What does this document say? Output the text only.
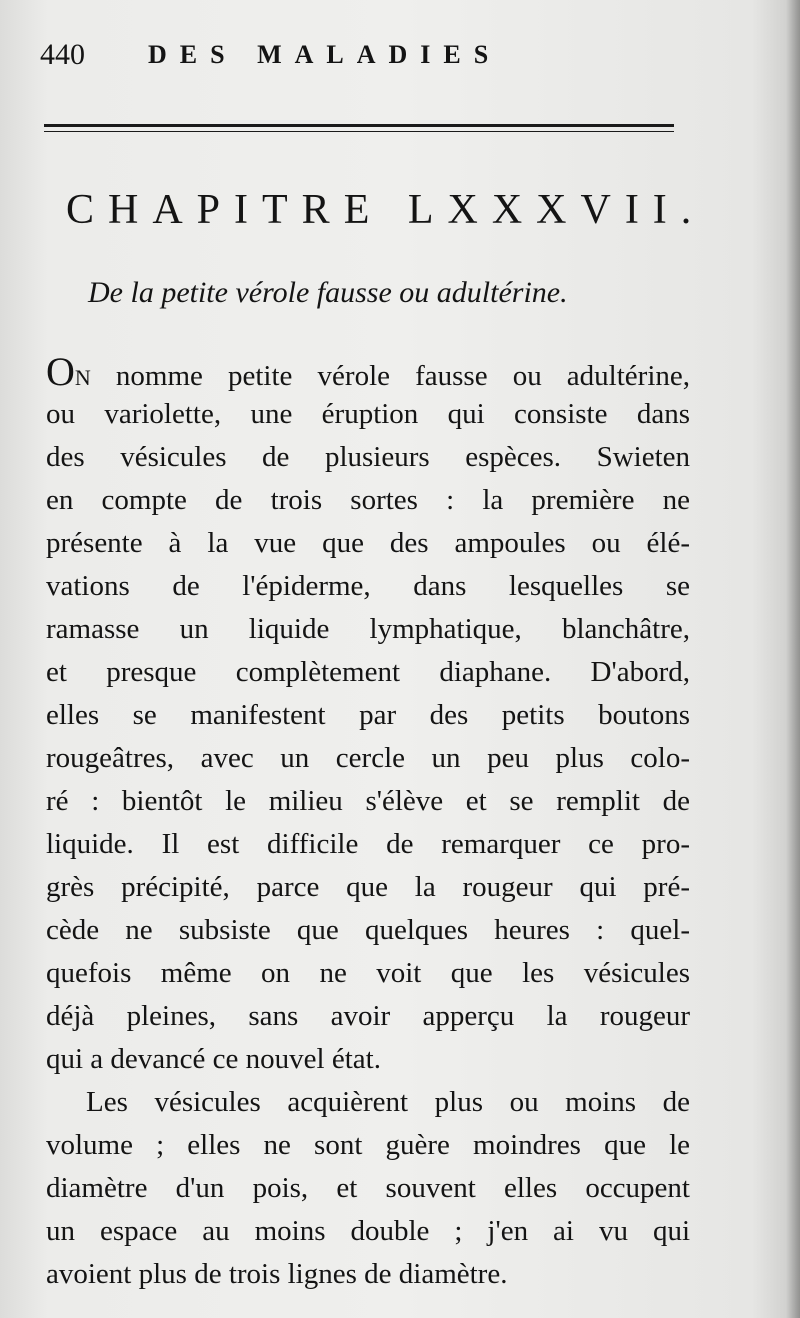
440 DES MALADIES
CHAPITRE LXXXVII.
De la petite vérole fausse ou adultérine.
ON nomme petite vérole fausse ou adultérine,
ou variolette, une éruption qui consiste dans
des vésicules de plusieurs espèces. Swieten
en compte de trois sortes : la première ne
présente à la vue que des ampoules ou élé-
vations de l'épiderme, dans lesquelles se
ramasse un liquide lymphatique, blanchâtre,
et presque complètement diaphane. D'abord,
elles se manifestent par des petits boutons
rougeâtres, avec un cercle un peu plus colo-
ré : bientôt le milieu s'élève et se remplit de
liquide. Il est difficile de remarquer ce pro-
grès précipité, parce que la rougeur qui pré-
cède ne subsiste que quelques heures : quel-
quefois même on ne voit que les vésicules
déjà pleines, sans avoir apperçu la rougeur
qui a devancé ce nouvel état.
Les vésicules acquièrent plus ou moins de
volume ; elles ne sont guère moindres que le
diamètre d'un pois, et souvent elles occupent
un espace au moins double ; j'en ai vu qui
avoient plus de trois lignes de diamètre.
